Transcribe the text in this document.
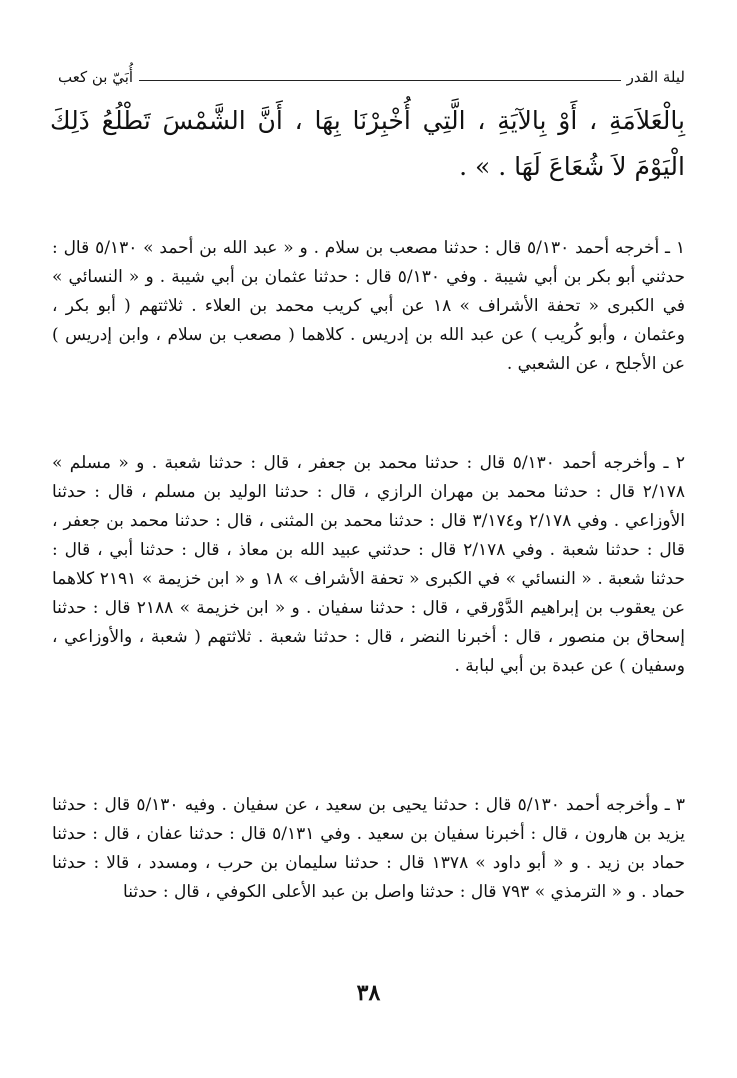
ليلة القدر
أُبَيّ بن كعب
بِالْعَلاَمَةِ ، أَوْ بِالآيَةِ ، الَّتِي أُخْبِرْنَا بِهَا ، أَنَّ الشَّمْسَ تَطْلُعُ ذَلِكَ الْيَوْمَ لاَ شُعَاعَ لَهَا . » .
١ ـ أخرجه أحمد ٥/١٣٠ قال : حدثنا مصعب بن سلام . و « عبد الله بن أحمد » ٥/١٣٠ قال : حدثني أبو بكر بن أبي شيبة . وفي ٥/١٣٠ قال : حدثنا عثمان بن أبي شيبة . و « النسائي » في الكبرى « تحفة الأشراف » ١٨ عن أبي كريب محمد بن العلاء . ثلاثتهم ( أبو بكر ، وعثمان ، وأبو كُريب ) عن عبد الله بن إدريس . كلاهما ( مصعب بن سلام ، وابن إدريس ) عن الأجلح ، عن الشعبي .
٢ ـ وأخرجه أحمد ٥/١٣٠ قال : حدثنا محمد بن جعفر ، قال : حدثنا شعبة . و « مسلم » ٢/١٧٨ قال : حدثنا محمد بن مهران الرازي ، قال : حدثنا الوليد بن مسلم ، قال : حدثنا الأوزاعي . وفي ٢/١٧٨ و٣/١٧٤ قال : حدثنا محمد بن المثنى ، قال : حدثنا محمد بن جعفر ، قال : حدثنا شعبة . وفي ٢/١٧٨ قال : حدثني عبيد الله بن معاذ ، قال : حدثنا أبي ، قال : حدثنا شعبة . « النسائي » في الكبرى « تحفة الأشراف » ١٨ و « ابن خزيمة » ٢١٩١ كلاهما عن يعقوب بن إبراهيم الدَّوْرقي ، قال : حدثنا سفيان . و « ابن خزيمة » ٢١٨٨ قال : حدثنا إسحاق بن منصور ، قال : أخبرنا النضر ، قال : حدثنا شعبة . ثلاثتهم ( شعبة ، والأوزاعي ، وسفيان ) عن عبدة بن أبي لبابة .
٣ ـ وأخرجه أحمد ٥/١٣٠ قال : حدثنا يحيى بن سعيد ، عن سفيان . وفيه ٥/١٣٠ قال : حدثنا يزيد بن هارون ، قال : أخبرنا سفيان بن سعيد . وفي ٥/١٣١ قال : حدثنا عفان ، قال : حدثنا حماد بن زيد . و « أبو داود » ١٣٧٨ قال : حدثنا سليمان بن حرب ، ومسدد ، قالا : حدثنا حماد . و « الترمذي » ٧٩٣ قال : حدثنا واصل بن عبد الأعلى الكوفي ، قال : حدثنا
٣٨
